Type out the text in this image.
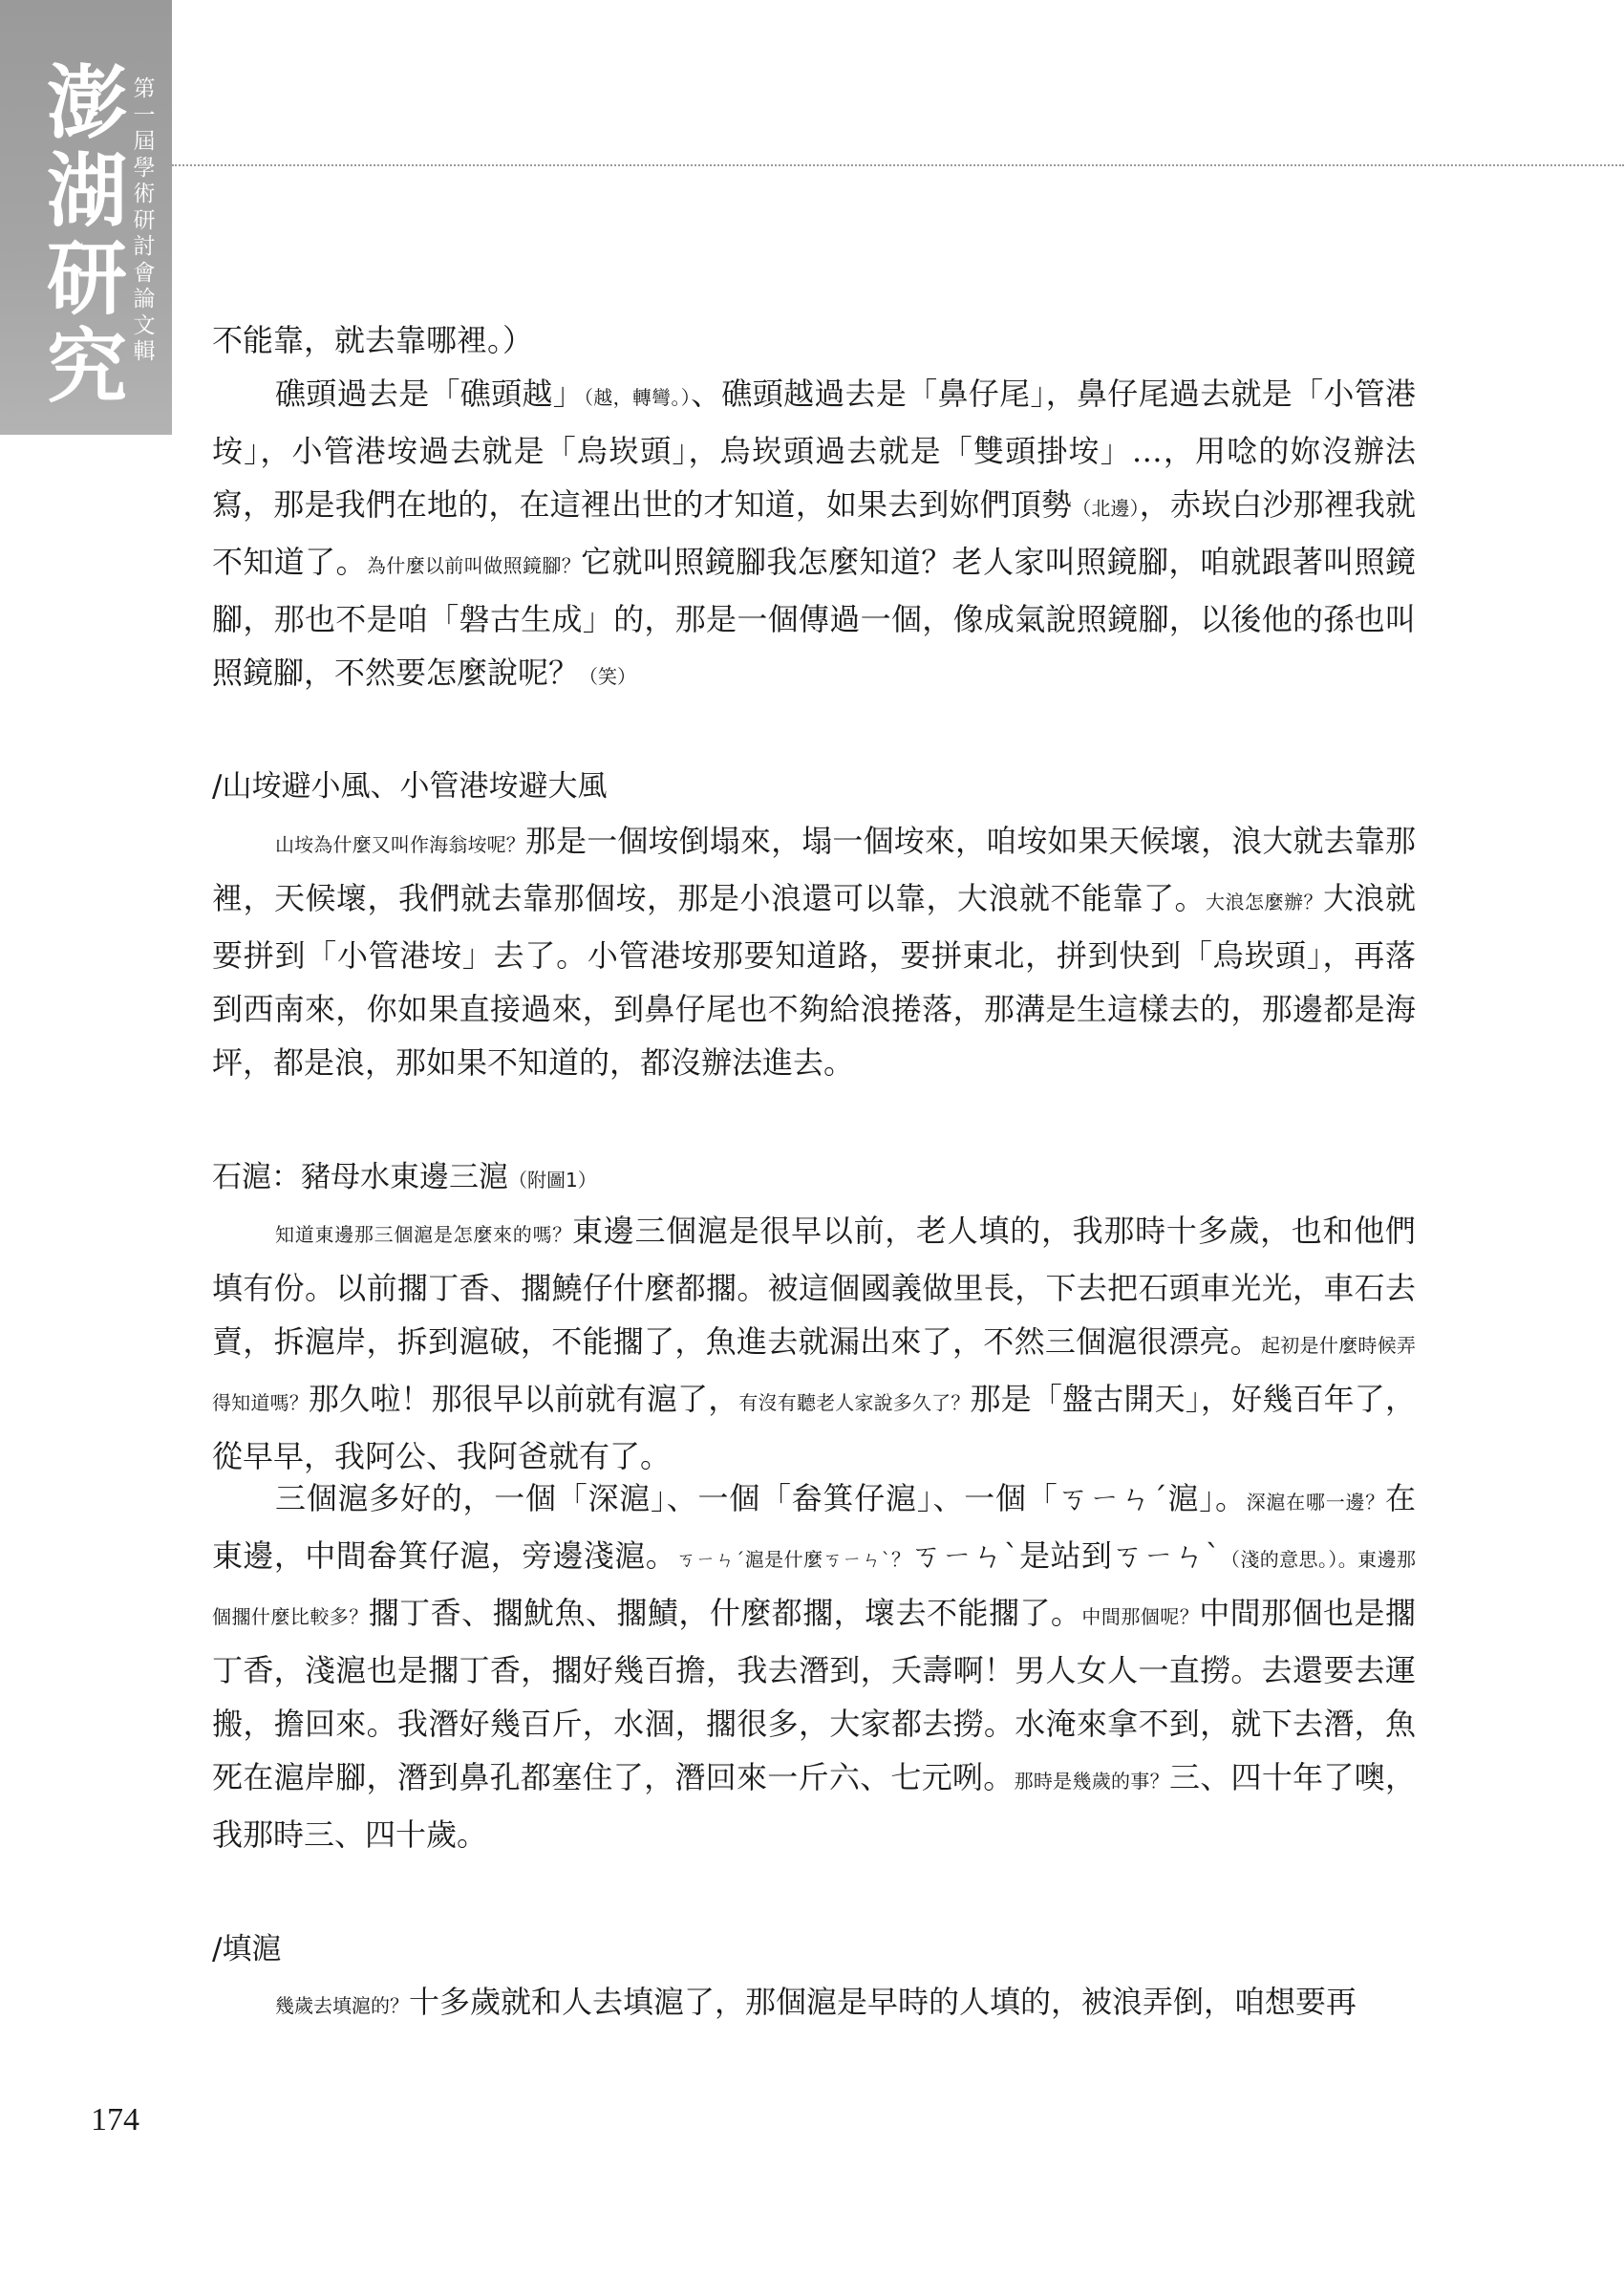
澎
湖
研
究
第
一
屆
學
術
研
討
會
論
文
輯 不能靠，就去靠哪裡。）

礁頭過去是「礁頭越」（越，轉彎。）、礁頭越過去是「鼻仔尾」，鼻仔尾過去就是「小管港垵」，小管港垵過去就是「烏崁頭」，烏崁頭過去就是「雙頭掛垵」…，用唸的妳沒辦法寫，那是我們在地的，在這裡出世的才知道，如果去到妳們頂勢（北邊），赤崁白沙那裡我就不知道了。為什麼以前叫做照鏡腳？它就叫照鏡腳我怎麼知道？老人家叫照鏡腳，咱就跟著叫照鏡腳，那也不是咱「磐古生成」的，那是一個傳過一個，像成氣說照鏡腳，以後他的孫也叫照鏡腳，不然要怎麼說呢？（笑）

/山垵避小風、小管港垵避大風

山垵為什麼又叫作海翁垵呢？那是一個垵倒塌來，塌一個垵來，咱垵如果天候壞，浪大就去靠那裡，天候壞，我們就去靠那個垵，那是小浪還可以靠，大浪就不能靠了。大浪怎麼辦？大浪就要拼到「小管港垵」去了。小管港垵那要知道路，要拼東北，拼到快到「烏崁頭」，再落到西南來，你如果直接過來，到鼻仔尾也不夠給浪捲落，那溝是生這樣去的，那邊都是海坪，都是浪，那如果不知道的，都沒辦法進去。

石滬：豬母水東邊三滬（附圖1）

知道東邊那三個滬是怎麼來的嗎？東邊三個滬是很早以前，老人填的，我那時十多歲，也和他們填有份。以前擱丁香、擱鱙仔什麼都擱。被這個國義做里長，下去把石頭車光光，車石去賣，拆滬岸，拆到滬破，不能擱了，魚進去就漏出來了，不然三個滬很漂亮。起初是什麼時候弄得知道嗎？那久啦！那很早以前就有滬了，有沒有聽老人家說多久了？那是「盤古開天」，好幾百年了，從早早，我阿公、我阿爸就有了。

三個滬多好的，一個「深滬」、一個「畚箕仔滬」、一個「ㄎㄧㄣˊ滬」。深滬在哪一邊？在東邊，中間畚箕仔滬，旁邊淺滬。ㄎㄧㄣˊ滬是什麼ㄎㄧㄣˋ？ㄎㄧㄣˋ是站到ㄎㄧㄣˋ（淺的意思。）。東邊那個擱什麼比較多？擱丁香、擱魷魚、擱鰿，什麼都擱，壞去不能擱了。中間那個呢？中間那個也是擱丁香，淺滬也是擱丁香，擱好幾百擔，我去潛到，夭壽啊！男人女人一直撈。去還要去運搬，擔回來。我潛好幾百斤，水涸，擱很多，大家都去撈。水淹來拿不到，就下去潛，魚死在滬岸腳，潛到鼻孔都塞住了，潛回來一斤六、七元咧。那時是幾歲的事？三、四十年了噢，我那時三、四十歲。

/填滬

幾歲去填滬的？十多歲就和人去填滬了，那個滬是早時的人填的，被浪弄倒，咱想要再

174
